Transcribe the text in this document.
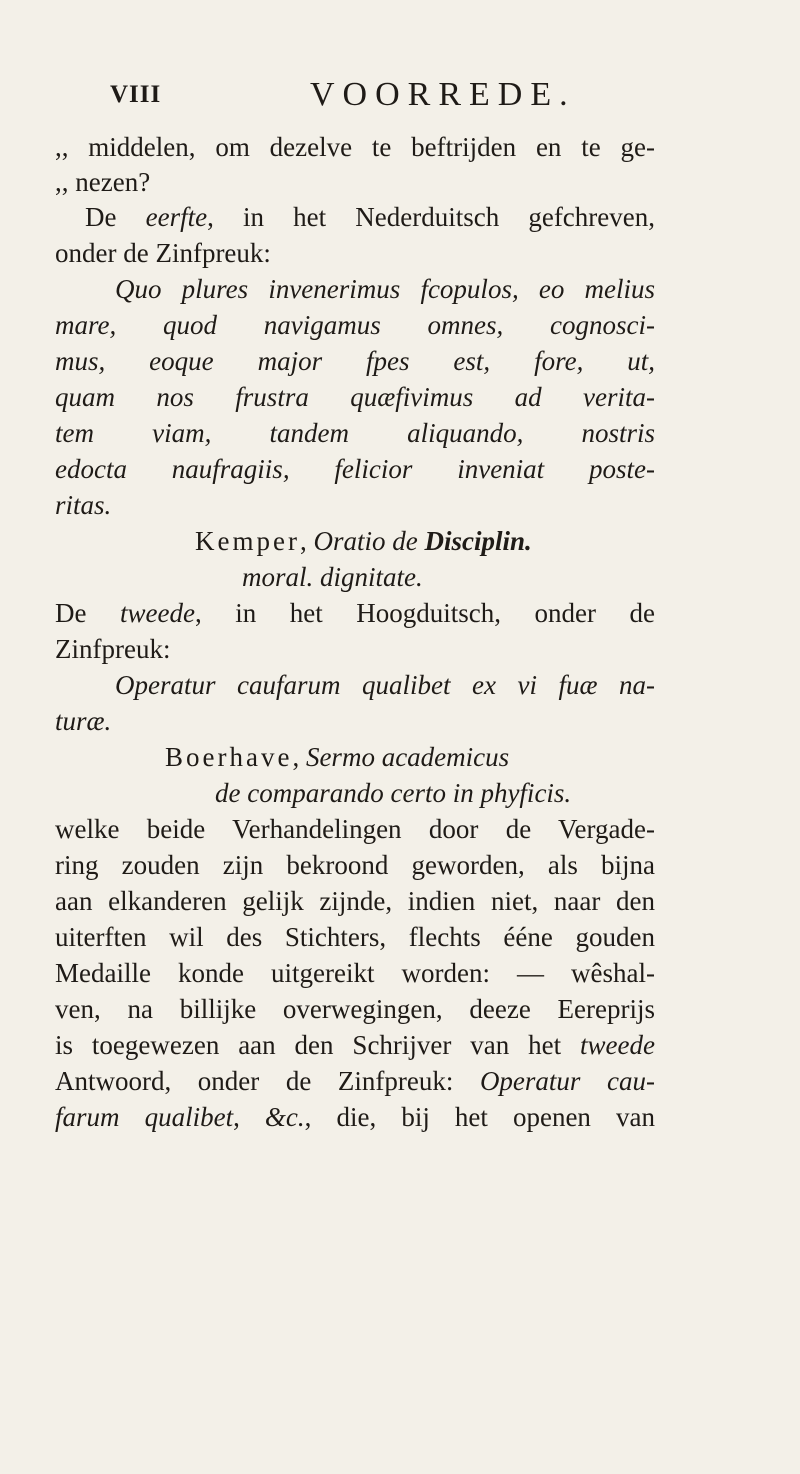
VIII	VOORREDE.
,, middelen, om dezelve te beftrijden en te ge-
,, nezen?
De eerfte, in het Nederduitsch gefchreven,
onder de Zinfpreuk:
Quo plures invenerimus fcopulos, eo melius
mare, quod navigamus omnes, cognosci-
mus, eoque major fpes est, fore, ut,
quam nos frustra quæfivimus ad verita-
tem viam, tandem aliquando, nostris
edocta naufragiis, felicior inveniat poste-
ritas.
Kemper, Oratio de Disciplin.
moral. dignitate.
De tweede, in het Hoogduitsch, onder de
Zinfpreuk:
Operatur caufarum qualibet ex vi fuæ na-
turæ.
Boerhave, Sermo academicus
de comparando certo in phyficis.
welke beide Verhandelingen door de Vergade-
ring zouden zijn bekroond geworden, als bijna
aan elkanderen gelijk zijnde, indien niet, naar den
uiterften wil des Stichters, flechts ééne gouden
Medaille konde uitgereikt worden: — wêshal-
ven, na billijke overwegingen, deeze Eereprijs
is toegewezen aan den Schrijver van het tweede
Antwoord, onder de Zinfpreuk: Operatur cau-
farum qualibet, &c., die, bij het openen van
